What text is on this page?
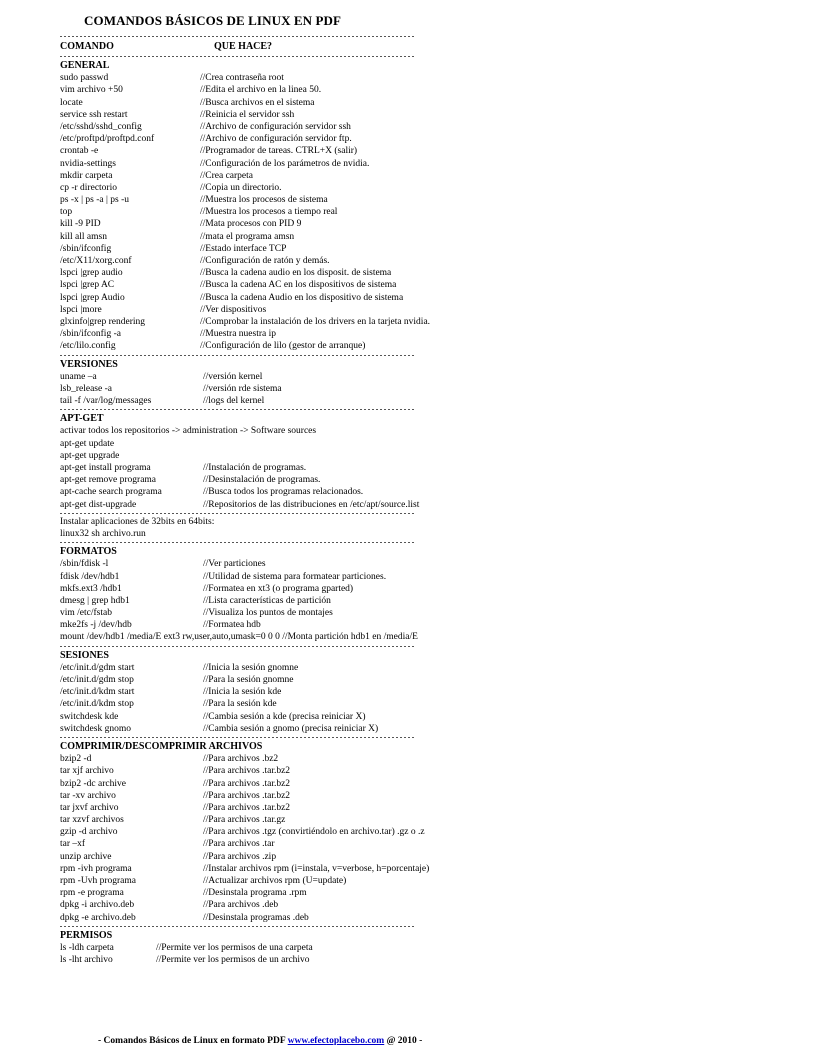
COMANDOS BÁSICOS DE LINUX EN PDF
COMANDO	QUE HACE?
GENERAL
sudo passwd	//Crea contraseña root
vim archivo +50	//Edita el archivo en la linea 50.
locate	//Busca archivos en el sistema
service ssh restart	//Reinicia el servidor ssh
/etc/sshd/sshd_config	//Archivo de configuración servidor ssh
/etc/proftpd/proftpd.conf	//Archivo de configuración servidor ftp.
crontab -e	//Programador de tareas. CTRL+X (salir)
nvidia-settings	//Configuración de los parámetros de nvidia.
mkdir carpeta	//Crea carpeta
cp -r directorio	//Copia un directorio.
ps -x | ps -a | ps -u	//Muestra los procesos de sistema
top	//Muestra los procesos a tiempo real
kill -9 PID	//Mata procesos con PID 9
kill all amsn	//mata el programa amsn
/sbin/ifconfig	//Estado interface TCP
/etc/X11/xorg.conf	//Configuración de ratón y demás.
lspci |grep audio	//Busca la cadena audio en los disposit. de sistema
lspci |grep AC	//Busca la cadena AC en los dispositivos de sistema
lspci |grep Audio	//Busca la cadena Audio en los dispositivo de sistema
lspci |more	//Ver dispositivos
glxinfo|grep rendering	//Comprobar la instalación de los drivers en la tarjeta nvidia.
/sbin/ifconfig -a	//Muestra nuestra ip
/etc/lilo.config	//Configuración de lilo (gestor de arranque)
VERSIONES
uname –a	//versión kernel
lsb_release -a	//versión rde sistema
tail -f /var/log/messages	//logs del kernel
APT-GET
activar todos los repositorios -> administration -> Software sources
apt-get update
apt-get upgrade
apt-get install programa	//Instalación de programas.
apt-get remove programa	//Desinstalación de programas.
apt-cache search programa	//Busca todos los programas relacionados.
apt-get dist-upgrade	//Repositorios de las distribuciones en /etc/apt/source.list
Instalar aplicaciones de 32bits en 64bits:
linux32 sh archivo.run
FORMATOS
/sbin/fdisk -l	//Ver particiones
fdisk /dev/hdb1	//Utilidad de sistema para formatear particiones.
mkfs.ext3 /hdb1	//Formatea en xt3 (o programa gparted)
dmesg | grep hdb1	//Lista características de partición
vim /etc/fstab	//Visualiza los puntos de montajes
mke2fs -j /dev/hdb	//Formatea hdb
mount /dev/hdb1 /media/E ext3 rw,user,auto,umask=0 0 0 //Monta partición hdb1 en /media/E
SESIONES
/etc/init.d/gdm start	//Inicia la sesión gnomne
/etc/init.d/gdm stop	//Para la sesión gnomne
/etc/init.d/kdm start	//Inicia la sesión kde
/etc/init.d/kdm stop	//Para la sesión kde
switchdesk kde	//Cambia sesión a kde (precisa reiniciar X)
switchdesk gnomo	//Cambia sesión a gnomo (precisa reiniciar X)
COMPRIMIR/DESCOMPRIMIR ARCHIVOS
bzip2 -d	//Para archivos .bz2
tar xjf archivo	//Para archivos .tar.bz2
bzip2 -dc archive	//Para archivos .tar.bz2
tar -xv archivo	//Para archivos .tar.bz2
tar jxvf archivo	//Para archivos .tar.bz2
tar xzvf archivos	//Para archivos .tar.gz
gzip -d archivo	//Para archivos .tgz (convirtiéndolo en archivo.tar) .gz o .z
tar –xf	//Para archivos .tar
unzip archive	//Para archivos .zip
rpm -ivh programa	//Instalar archivos rpm (i=instala, v=verbose, h=porcentaje)
rpm -Uvh programa	//Actualizar archivos rpm (U=update)
rpm -e programa	//Desinstala programa .rpm
dpkg -i archivo.deb	//Para archivos .deb
dpkg -e archivo.deb	//Desinstala programas .deb
PERMISOS
ls -ldh carpeta	//Permite ver los permisos de una carpeta
ls -lht archivo	//Permite ver los permisos de un archivo
- Comandos Básicos de Linux en formato PDF www.efectoplacebo.com @ 2010 -
